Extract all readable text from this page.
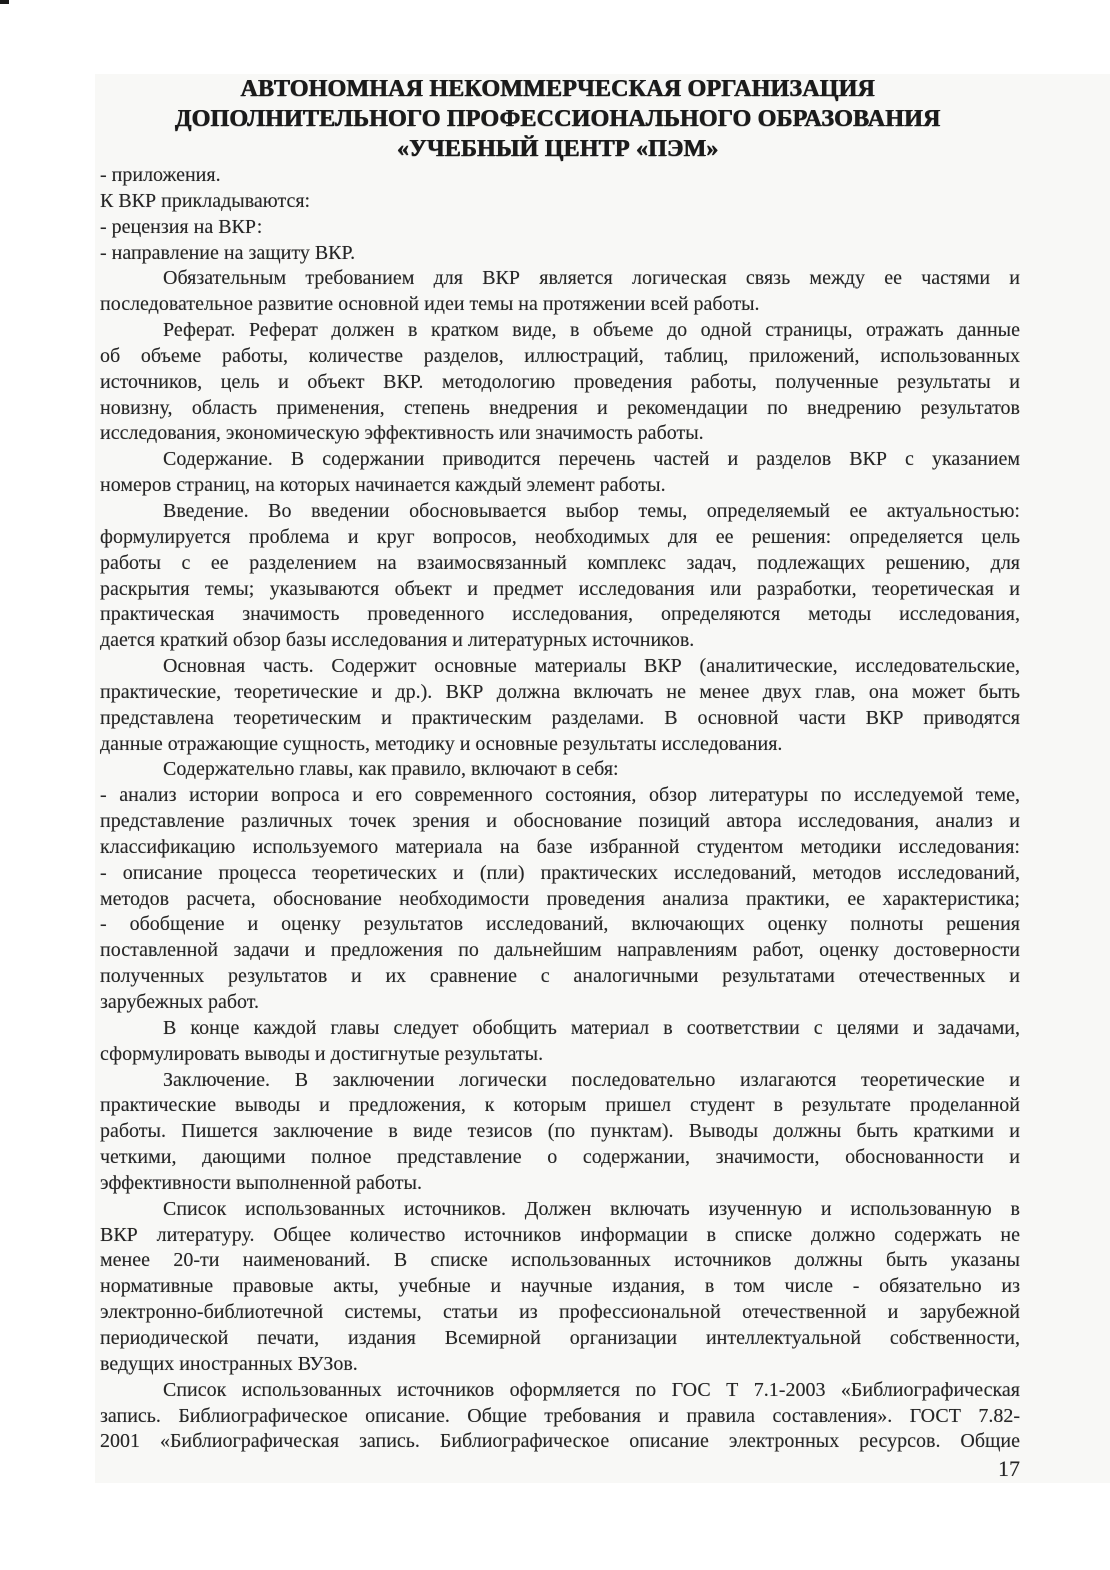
АВТОНОМНАЯ НЕКОММЕРЧЕСКАЯ ОРГАНИЗАЦИЯ
ДОПОЛНИТЕЛЬНОГО ПРОФЕССИОНАЛЬНОГО ОБРАЗОВАНИЯ
«УЧЕБНЫЙ ЦЕНТР «ПЭМ»
- приложения.
К ВКР прикладываются:
- рецензия на ВКР:
- направление на защиту ВКР.
Обязательным требованием для ВКР является логическая связь между ее частями и
последовательное развитие основной идеи темы на протяжении всей работы.
Реферат. Реферат должен в кратком виде, в объеме до одной страницы, отражать данные
об объеме работы, количестве разделов, иллюстраций, таблиц, приложений, использованных
источников, цель и объект ВКР. методологию проведения работы, полученные результаты и
новизну, область применения, степень внедрения и рекомендации по внедрению результатов
исследования, экономическую эффективность или значимость работы.
Содержание. В содержании приводится перечень частей и разделов ВКР с указанием
номеров страниц, на которых начинается каждый элемент работы.
Введение. Во введении обосновывается выбор темы, определяемый ее актуальностью:
формулируется проблема и круг вопросов, необходимых для ее решения: определяется цель
работы с ее разделением на взаимосвязанный комплекс задач, подлежащих решению, для
раскрытия темы; указываются объект и предмет исследования или разработки, теоретическая и
практическая значимость проведенного исследования, определяются методы исследования,
дается краткий обзор базы исследования и литературных источников.
Основная часть. Содержит основные материалы ВКР (аналитические, исследовательские,
практические, теоретические и др.). ВКР должна включать не менее двух глав, она может быть
представлена теоретическим и практическим разделами. В основной части ВКР приводятся
данные отражающие сущность, методику и основные результаты исследования.
Содержательно главы, как правило, включают в себя:
- анализ истории вопроса и его современного состояния, обзор литературы по исследуемой теме,
представление различных точек зрения и обоснование позиций автора исследования, анализ и
классификацию используемого материала на базе избранной студентом методики исследования:
- описание процесса теоретических и (пли) практических исследований, методов исследований,
методов расчета, обоснование необходимости проведения анализа практики, ее характеристика;
- обобщение и оценку результатов исследований, включающих оценку полноты решения
поставленной задачи и предложения по дальнейшим направлениям работ, оценку достоверности
полученных результатов и их сравнение с аналогичными результатами отечественных и
зарубежных работ.
В конце каждой главы следует обобщить материал в соответствии с целями и задачами,
сформулировать выводы и достигнутые результаты.
Заключение. В заключении логически последовательно излагаются теоретические и
практические выводы и предложения, к которым пришел студент в результате проделанной
работы. Пишется заключение в виде тезисов (по пунктам). Выводы должны быть краткими и
четкими, дающими полное представление о содержании, значимости, обоснованности и
эффективности выполненной работы.
Список использованных источников. Должен включать изученную и использованную в
ВКР литературу. Общее количество источников информации в списке должно содержать не
менее 20-ти наименований. В списке использованных источников должны быть указаны
нормативные правовые акты, учебные и научные издания, в том числе - обязательно из
электронно-библиотечной системы, статьи из профессиональной отечественной и зарубежной
периодической печати, издания Всемирной организации интеллектуальной собственности,
ведущих иностранных ВУЗов.
Список использованных источников оформляется по ГОС Т 7.1-2003 «Библиографическая
запись. Библиографическое описание. Общие требования и правила составления». ГОСТ 7.82-
2001 «Библиографическая запись. Библиографическое описание электронных ресурсов. Общие
17
